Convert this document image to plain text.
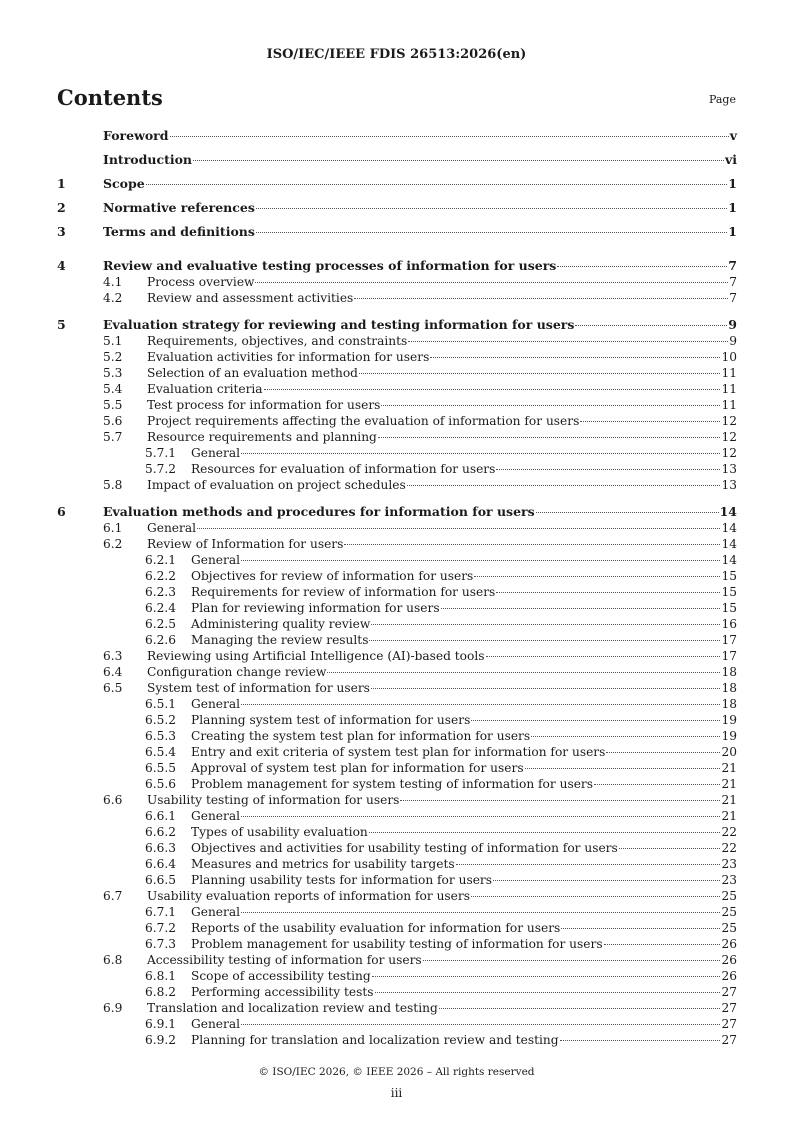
ISO/IEC/IEEE FDIS 26513:2026(en)
Contents	Page
Foreword	v
Introduction	vi
1	Scope	1
2	Normative references	1
3	Terms and definitions	1
4	Review and evaluative testing processes of information for users	7
4.1	Process overview	7
4.2	Review and assessment activities	7
5	Evaluation strategy for reviewing and testing information for users	9
5.1	Requirements, objectives, and constraints	9
5.2	Evaluation activities for information for users	10
5.3	Selection of an evaluation method	11
5.4	Evaluation criteria	11
5.5	Test process for information for users	11
5.6	Project requirements affecting the evaluation of information for users	12
5.7	Resource requirements and planning	12
5.7.1	General	12
5.7.2	Resources for evaluation of information for users	13
5.8	Impact of evaluation on project schedules	13
6	Evaluation methods and procedures for information for users	14
6.1	General	14
6.2	Review of Information for users	14
6.2.1	General	14
6.2.2	Objectives for review of information for users	15
6.2.3	Requirements for review of information for users	15
6.2.4	Plan for reviewing information for users	15
6.2.5	Administering quality review	16
6.2.6	Managing the review results	17
6.3	Reviewing using Artificial Intelligence (AI)-based tools	17
6.4	Configuration change review	18
6.5	System test of information for users	18
6.5.1	General	18
6.5.2	Planning system test of information for users	19
6.5.3	Creating the system test plan for information for users	19
6.5.4	Entry and exit criteria of system test plan for information for users	20
6.5.5	Approval of system test plan for information for users	21
6.5.6	Problem management for system testing of information for users	21
6.6	Usability testing of information for users	21
6.6.1	General	21
6.6.2	Types of usability evaluation	22
6.6.3	Objectives and activities for usability testing of information for users	22
6.6.4	Measures and metrics for usability targets	23
6.6.5	Planning usability tests for information for users	23
6.7	Usability evaluation reports of information for users	25
6.7.1	General	25
6.7.2	Reports of the usability evaluation for information for users	25
6.7.3	Problem management for usability testing of information for users	26
6.8	Accessibility testing of information for users	26
6.8.1	Scope of accessibility testing	26
6.8.2	Performing accessibility tests	27
6.9	Translation and localization review and testing	27
6.9.1	General	27
6.9.2	Planning for translation and localization review and testing	27
© ISO/IEC 2026, © IEEE 2026 – All rights reserved
iii
